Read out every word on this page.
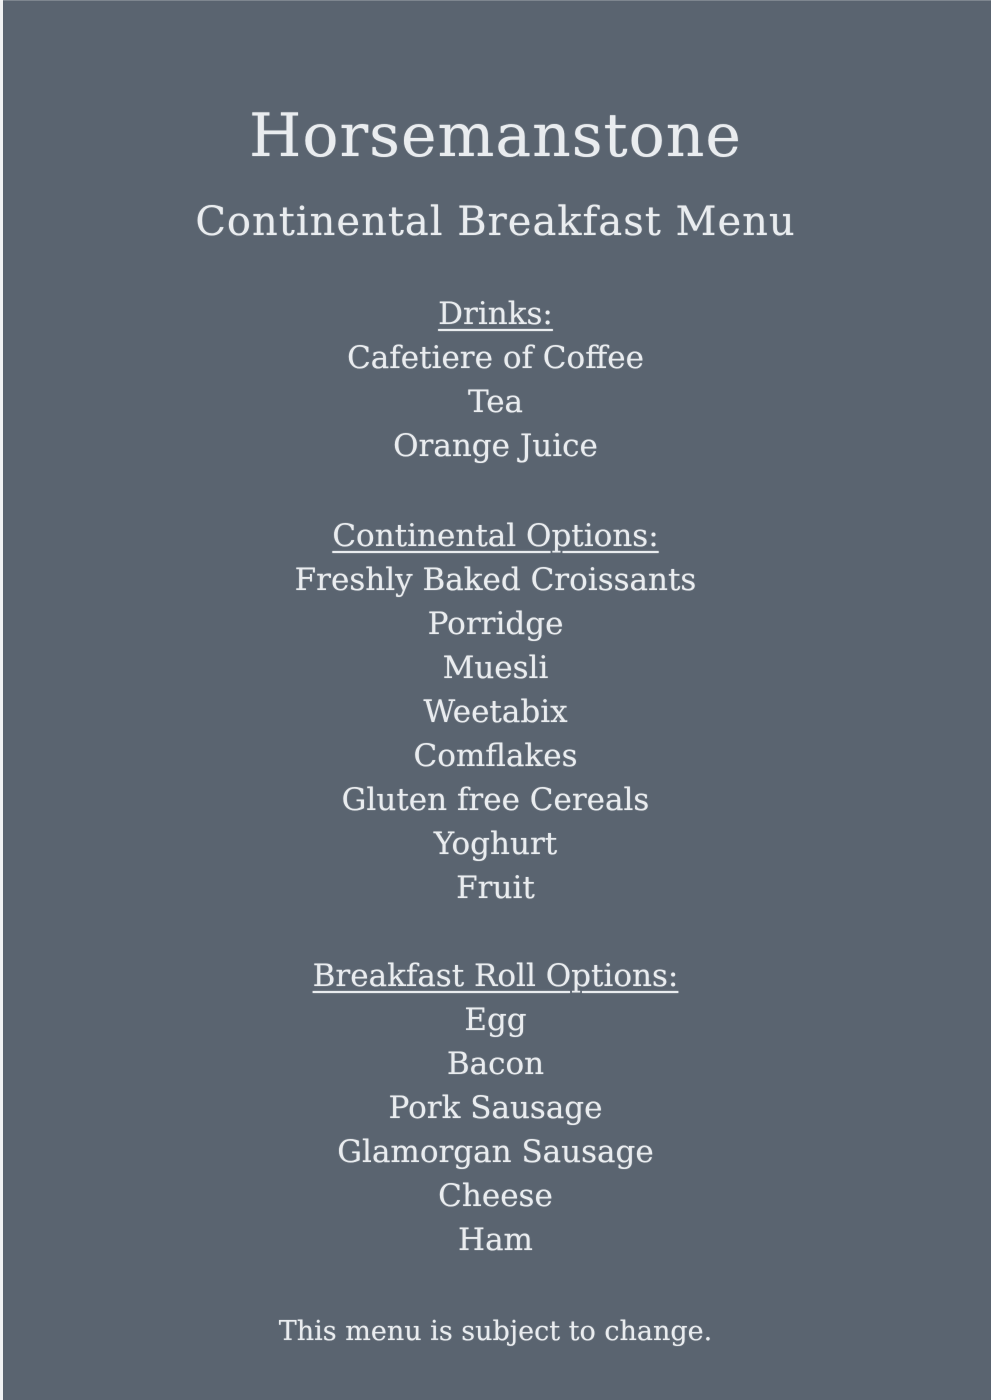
Horsemanstone
Continental Breakfast Menu
Drinks:
Cafetiere of Coffee
Tea
Orange Juice
Continental Options:
Freshly Baked Croissants
Porridge
Muesli
Weetabix
Comflakes
Gluten free Cereals
Yoghurt
Fruit
Breakfast Roll Options:
Egg
Bacon
Pork Sausage
Glamorgan Sausage
Cheese
Ham
This menu is subject to change.
